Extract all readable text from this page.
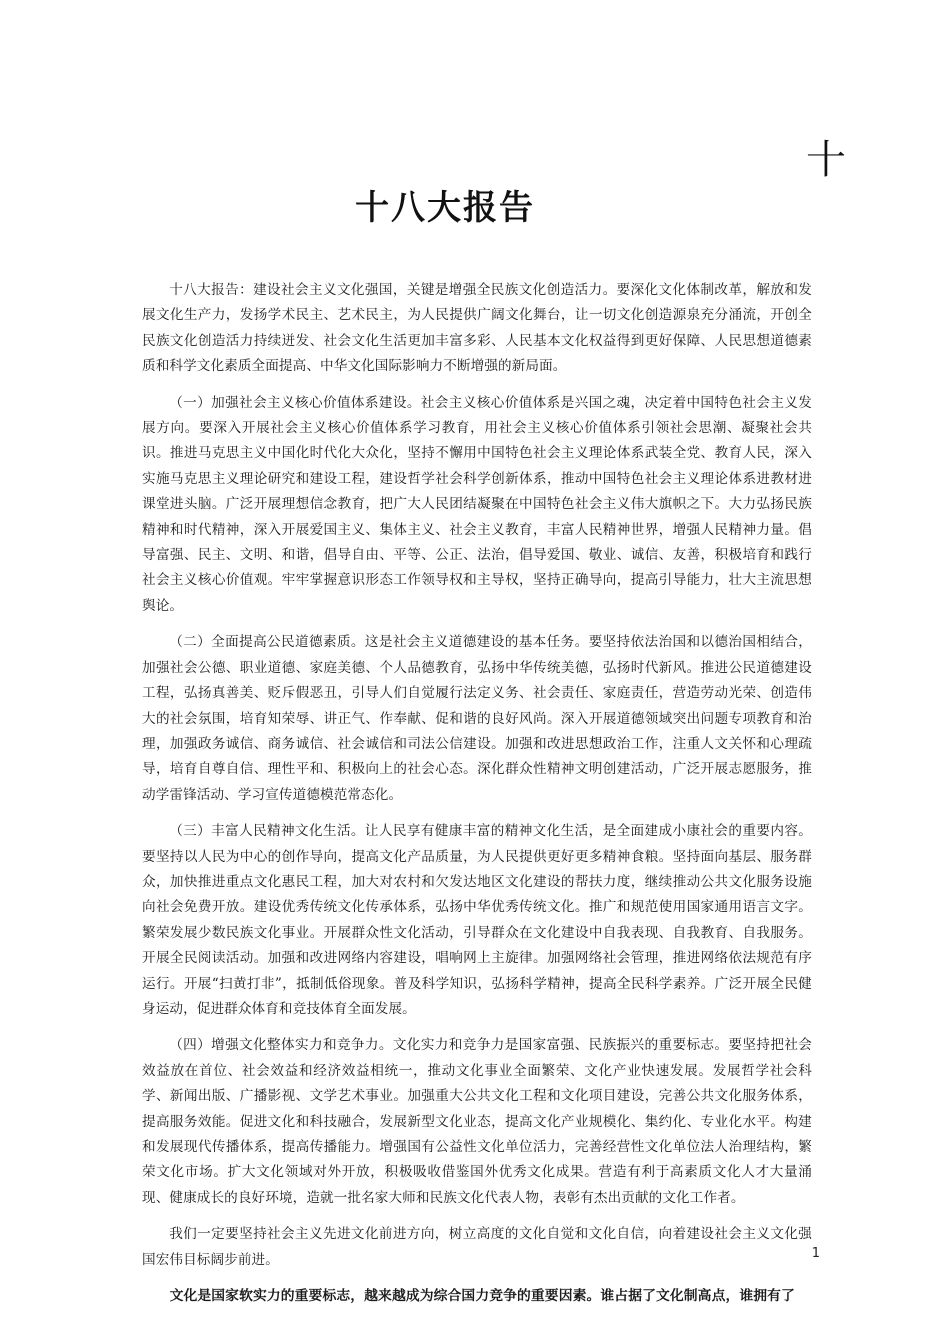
十
十八大报告

十八大报告：建设社会主义文化强国，关键是增强全民族文化创造活力。要深化文化体制改革，解放和发展文化生产力，发扬学术民主、艺术民主，为人民提供广阔文化舞台，让一切文化创造源泉充分涌流，开创全民族文化创造活力持续迸发、社会文化生活更加丰富多彩、人民基本文化权益得到更好保障、人民思想道德素质和科学文化素质全面提高、中华文化国际影响力不断增强的新局面。

（一）加强社会主义核心价值体系建设。社会主义核心价值体系是兴国之魂，决定着中国特色社会主义发展方向。要深入开展社会主义核心价值体系学习教育，用社会主义核心价值体系引领社会思潮、凝聚社会共识。推进马克思主义中国化时代化大众化，坚持不懈用中国特色社会主义理论体系武装全党、教育人民，深入实施马克思主义理论研究和建设工程，建设哲学社会科学创新体系，推动中国特色社会主义理论体系进教材进课堂进头脑。广泛开展理想信念教育，把广大人民团结凝聚在中国特色社会主义伟大旗帜之下。大力弘扬民族精神和时代精神，深入开展爱国主义、集体主义、社会主义教育，丰富人民精神世界，增强人民精神力量。倡导富强、民主、文明、和谐，倡导自由、平等、公正、法治，倡导爱国、敬业、诚信、友善，积极培育和践行社会主义核心价值观。牢牢掌握意识形态工作领导权和主导权，坚持正确导向，提高引导能力，壮大主流思想舆论。

（二）全面提高公民道德素质。这是社会主义道德建设的基本任务。要坚持依法治国和以德治国相结合，加强社会公德、职业道德、家庭美德、个人品德教育，弘扬中华传统美德，弘扬时代新风。推进公民道德建设工程，弘扬真善美、贬斥假恶丑，引导人们自觉履行法定义务、社会责任、家庭责任，营造劳动光荣、创造伟大的社会氛围，培育知荣辱、讲正气、作奉献、促和谐的良好风尚。深入开展道德领域突出问题专项教育和治理，加强政务诚信、商务诚信、社会诚信和司法公信建设。加强和改进思想政治工作，注重人文关怀和心理疏导，培育自尊自信、理性平和、积极向上的社会心态。深化群众性精神文明创建活动，广泛开展志愿服务，推动学雷锋活动、学习宣传道德模范常态化。

（三）丰富人民精神文化生活。让人民享有健康丰富的精神文化生活，是全面建成小康社会的重要内容。要坚持以人民为中心的创作导向，提高文化产品质量，为人民提供更好更多精神食粮。坚持面向基层、服务群众，加快推进重点文化惠民工程，加大对农村和欠发达地区文化建设的帮扶力度，继续推动公共文化服务设施向社会免费开放。建设优秀传统文化传承体系，弘扬中华优秀传统文化。推广和规范使用国家通用语言文字。繁荣发展少数民族文化事业。开展群众性文化活动，引导群众在文化建设中自我表现、自我教育、自我服务。开展全民阅读活动。加强和改进网络内容建设，唱响网上主旋律。加强网络社会管理，推进网络依法规范有序运行。开展“扫黄打非”，抵制低俗现象。普及科学知识，弘扬科学精神，提高全民科学素养。广泛开展全民健身运动，促进群众体育和竞技体育全面发展。

（四）增强文化整体实力和竞争力。文化实力和竞争力是国家富强、民族振兴的重要标志。要坚持把社会效益放在首位、社会效益和经济效益相统一，推动文化事业全面繁荣、文化产业快速发展。发展哲学社会科学、新闻出版、广播影视、文学艺术事业。加强重大公共文化工程和文化项目建设，完善公共文化服务体系，提高服务效能。促进文化和科技融合，发展新型文化业态，提高文化产业规模化、集约化、专业化水平。构建和发展现代传播体系，提高传播能力。增强国有公益性文化单位活力，完善经营性文化单位法人治理结构，繁荣文化市场。扩大文化领域对外开放，积极吸收借鉴国外优秀文化成果。营造有利于高素质文化人才大量涌现、健康成长的良好环境，造就一批名家大师和民族文化代表人物，表彰有杰出贡献的文化工作者。

我们一定要坚持社会主义先进文化前进方向，树立高度的文化自觉和文化自信，向着建设社会主义文化强国宏伟目标阔步前进。

文化是国家软实力的重要标志，越来越成为综合国力竞争的重要因素。谁占据了文化制高点，谁拥有了

1
